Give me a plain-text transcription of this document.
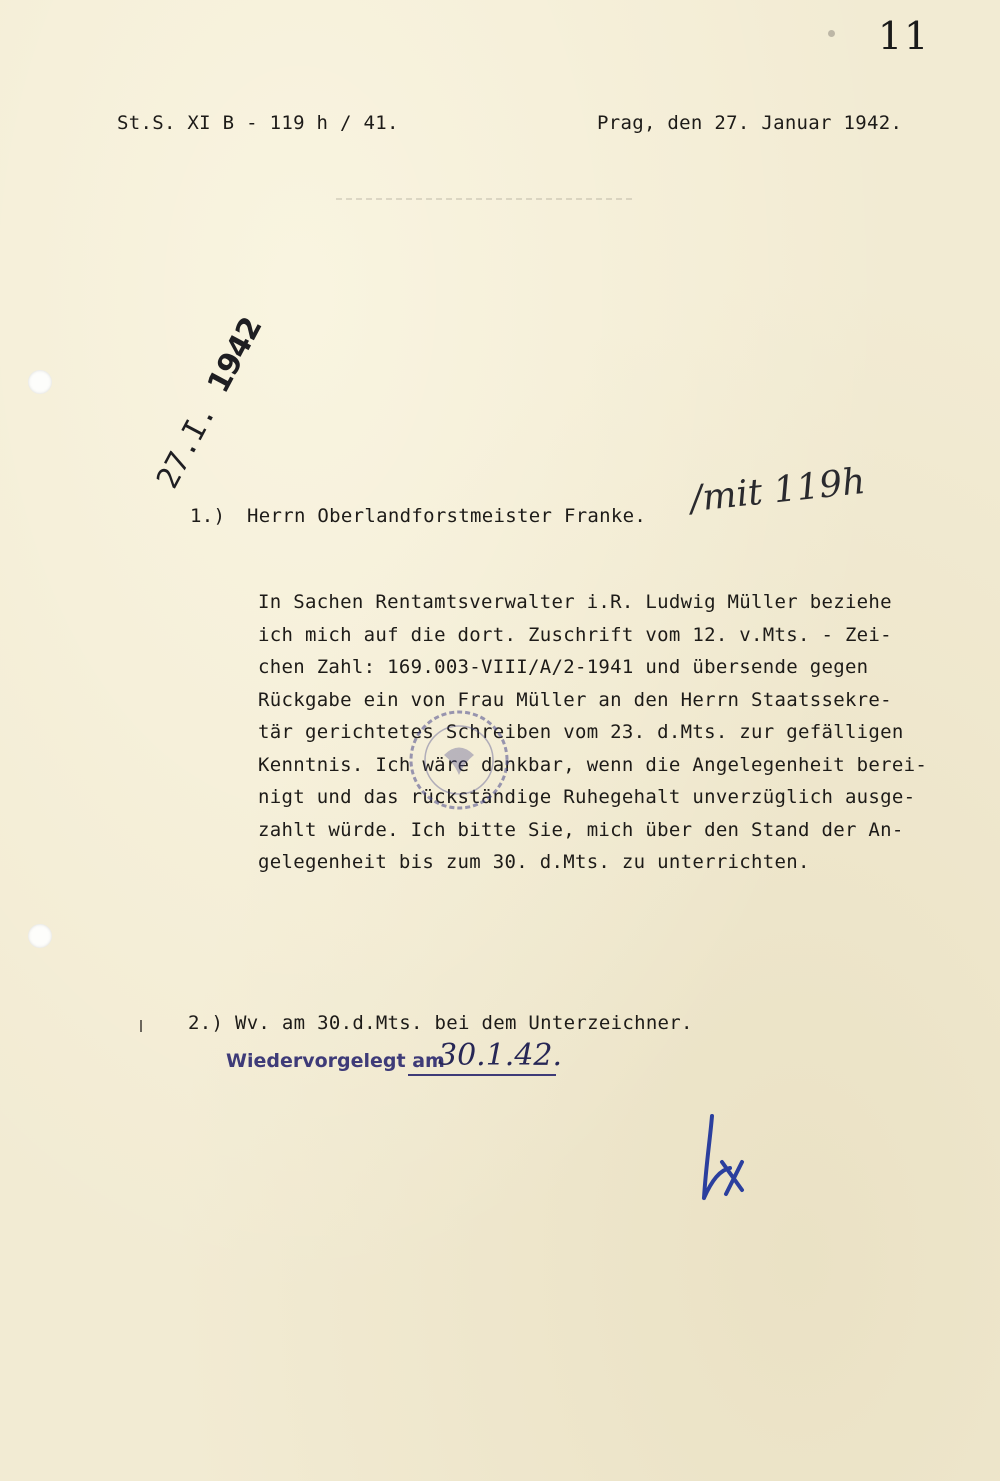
11
St.S. XI B - 119 h / 41.	Prag, den 27. Januar 1942.
27.I. 1942
1.) Herrn Oberlandforstmeister Franke. /mit 119h
In Sachen Rentamtsverwalter i.R. Ludwig Müller beziehe
ich mich auf die dort. Zuschrift vom 12. v.Mts. - Zei-
chen Zahl: 169.003-VIII/A/2-1941 und übersende gegen
Rückgabe ein von Frau Müller an den Herrn Staatssekre-
tär gerichtetes Schreiben vom 23. d.Mts. zur gefälligen
Kenntnis. Ich wäre dankbar, wenn die Angelegenheit berei-
nigt und das rückständige Ruhegehalt unverzüglich ausge-
zahlt würde. Ich bitte Sie, mich über den Stand der An-
gelegenheit bis zum 30. d.Mts. zu unterrichten.
2.) Wv. am 30.d.Mts. bei dem Unterzeichner.
Wiedervorgelegt am
30.1.42.
